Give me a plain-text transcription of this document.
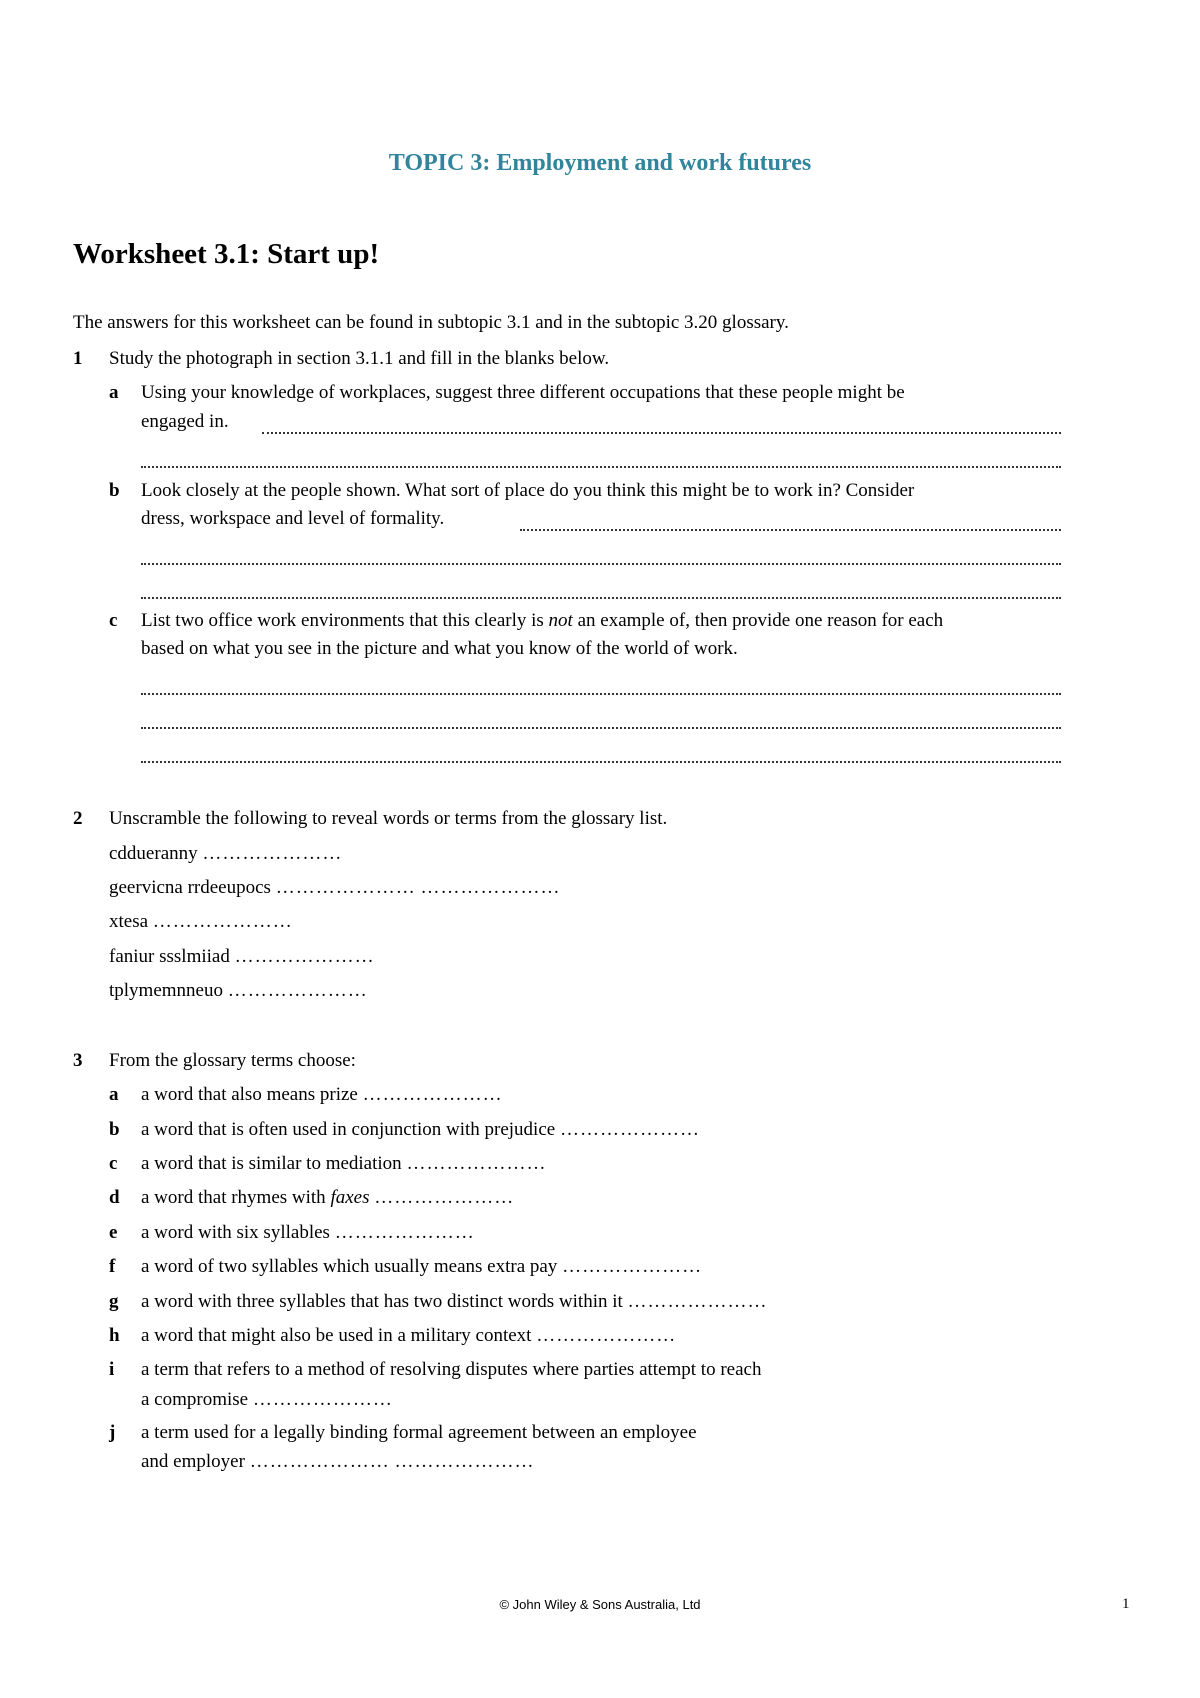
TOPIC 3: Employment and work futures
Worksheet 3.1: Start up!
The answers for this worksheet can be found in subtopic 3.1 and in the subtopic 3.20 glossary.
1 Study the photograph in section 3.1.1 and fill in the blanks below.
a Using your knowledge of workplaces, suggest three different occupations that these people might be
engaged in.
b Look closely at the people shown. What sort of place do you think this might be to work in? Consider
dress, workspace and level of formality.
c List two office work environments that this clearly is not an example of, then provide one reason for each
based on what you see in the picture and what you know of the world of work.
2 Unscramble the following to reveal words or terms from the glossary list.
cddueranny …………………
geervicna rrdeeupocs ………………… …………………
xtesa …………………
faniur ssslmiiad …………………
tplymemnneuo …………………
3 From the glossary terms choose:
a a word that also means prize …………………
b a word that is often used in conjunction with prejudice …………………
c a word that is similar to mediation …………………
d a word that rhymes with faxes …………………
e a word with six syllables …………………
f a word of two syllables which usually means extra pay …………………
g a word with three syllables that has two distinct words within it …………………
h a word that might also be used in a military context …………………
i a term that refers to a method of resolving disputes where parties attempt to reach
a compromise …………………
j a term used for a legally binding formal agreement between an employee
and employer ………………… …………………
© John Wiley & Sons Australia, Ltd	1
